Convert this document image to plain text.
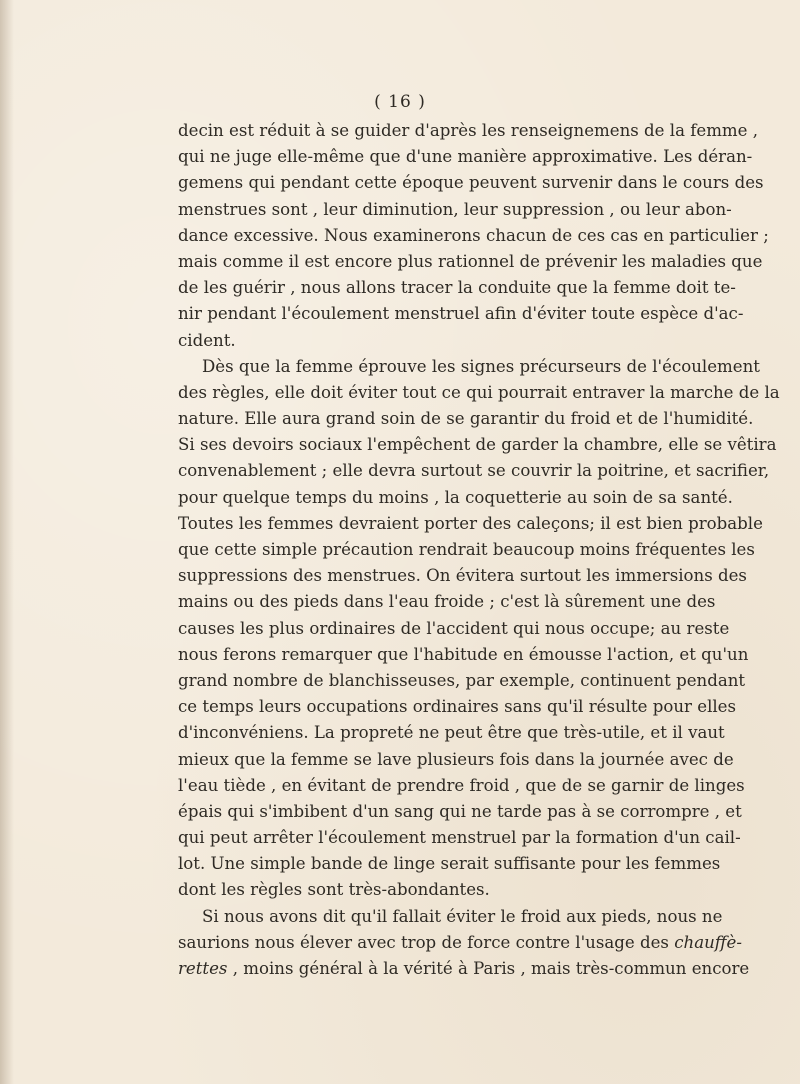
( 16 )
decin est réduit à se guider d'après les renseignemens de la femme ,
qui ne juge elle-même que d'une manière approximative. Les déran-
gemens qui pendant cette époque peuvent survenir dans le cours des
menstrues sont , leur diminution, leur suppression , ou leur abon-
dance excessive. Nous examinerons chacun de ces cas en particulier ;
mais comme il est encore plus rationnel de prévenir les maladies que
de les guérir , nous allons tracer la conduite que la femme doit te-
nir pendant l'écoulement menstruel afin d'éviter toute espèce d'ac-
cident.
Dès que la femme éprouve les signes précurseurs de l'écoulement
des règles, elle doit éviter tout ce qui pourrait entraver la marche de la
nature. Elle aura grand soin de se garantir du froid et de l'humidité.
Si ses devoirs sociaux l'empêchent de garder la chambre, elle se vêtira
convenablement ; elle devra surtout se couvrir la poitrine, et sacrifier,
pour quelque temps du moins , la coquetterie au soin de sa santé.
Toutes les femmes devraient porter des caleçons; il est bien probable
que cette simple précaution rendrait beaucoup moins fréquentes les
suppressions des menstrues. On évitera surtout les immersions des
mains ou des pieds dans l'eau froide ; c'est là sûrement une des
causes les plus ordinaires de l'accident qui nous occupe; au reste
nous ferons remarquer que l'habitude en émousse l'action, et qu'un
grand nombre de blanchisseuses, par exemple, continuent pendant
ce temps leurs occupations ordinaires sans qu'il résulte pour elles
d'inconvéniens. La propreté ne peut être que très-utile, et il vaut
mieux que la femme se lave plusieurs fois dans la journée avec de
l'eau tiède , en évitant de prendre froid , que de se garnir de linges
épais qui s'imbibent d'un sang qui ne tarde pas à se corrompre , et
qui peut arrêter l'écoulement menstruel par la formation d'un cail-
lot. Une simple bande de linge serait suffisante pour les femmes
dont les règles sont très-abondantes.
Si nous avons dit qu'il fallait éviter le froid aux pieds, nous ne
saurions nous élever avec trop de force contre l'usage des chauffè-
rettes , moins général à la vérité à Paris , mais très-commun encore
